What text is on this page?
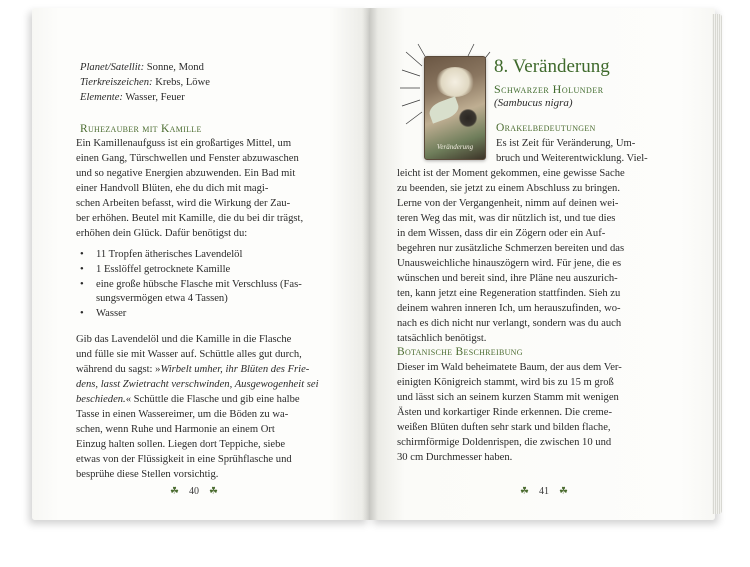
Planet/Satellit: Sonne, Mond
Tierkreiszeichen: Krebs, Löwe
Elemente: Wasser, Feuer
Ruhezauber mit Kamille
Ein Kamillenaufguss ist ein großartiges Mittel, um
einen Gang, Türschwellen und Fenster abzuwaschen
und so negative Energien abzuwenden. Ein Bad mit
einer Handvoll Blüten, ehe du dich mit magi-
schen Arbeiten befasst, wird die Wirkung der Zau-
ber erhöhen. Beutel mit Kamille, die du bei dir trägst,
erhöhen dein Glück. Dafür benötigst du:
• 11 Tropfen ätherisches Lavendelöl
• 1 Esslöffel getrocknete Kamille
• eine große hübsche Flasche mit Verschluss (Fas-
sungsvermögen etwa 4 Tassen)
• Wasser
Gib das Lavendelöl und die Kamille in die Flasche
und fülle sie mit Wasser auf. Schüttle alles gut durch,
während du sagst: »Wirbelt umher, ihr Blüten des Frie-
dens, lasst Zwietracht verschwinden, Ausgewogenheit sei
beschieden.« Schüttle die Flasche und gib eine halbe
Tasse in einen Wassereimer, um die Böden zu wa-
schen, wenn Ruhe und Harmonie an einem Ort
Einzug halten sollen. Liegen dort Teppiche, siebe
etwas von der Flüssigkeit in eine Sprühflasche und
besprühe diese Stellen vorsichtig.
☘ 40 ☘
Veränderung
8. Veränderung
Schwarzer Holunder
(Sambucus nigra)
Orakelbedeutungen
Es ist Zeit für Veränderung, Um-
bruch und Weiterentwicklung. Viel-
leicht ist der Moment gekommen, eine gewisse Sache
zu beenden, sie jetzt zu einem Abschluss zu bringen.
Lerne von der Vergangenheit, nimm auf deinen wei-
teren Weg das mit, was dir nützlich ist, und tue dies
in dem Wissen, dass dir ein Zögern oder ein Auf-
begehren nur zusätzliche Schmerzen bereiten und das
Unausweichliche hinauszögern wird. Für jene, die es
wünschen und bereit sind, ihre Pläne neu auszurich-
ten, kann jetzt eine Regeneration stattfinden. Sieh zu
deinem wahren inneren Ich, um herauszufinden, wo-
nach es dich nicht nur verlangt, sondern was du auch
tatsächlich benötigst.
Botanische Beschreibung
Dieser im Wald beheimatete Baum, der aus dem Ver-
einigten Königreich stammt, wird bis zu 15 m groß
und lässt sich an seinem kurzen Stamm mit wenigen
Ästen und korkartiger Rinde erkennen. Die creme-
weißen Blüten duften sehr stark und bilden flache,
schirmförmige Doldenrispen, die zwischen 10 und
30 cm Durchmesser haben.
☘ 41 ☘
